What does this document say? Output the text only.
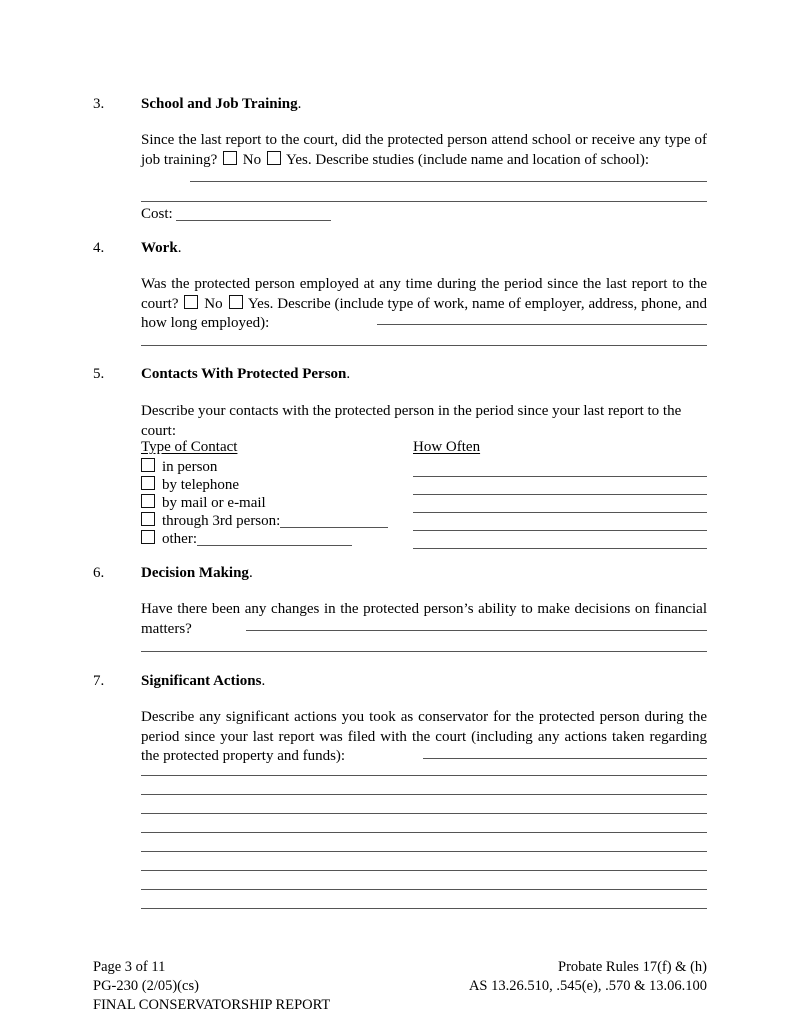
3.	School and Job Training.
Since the last report to the court, did the protected person attend school or receive any type of job training? No Yes. Describe studies (include name and location of school):
Cost:
4.	Work.
Was the protected person employed at any time during the period since the last report to the court? No Yes. Describe (include type of work, name of employer, address, phone, and how long employed):
5.	Contacts With Protected Person.
Describe your contacts with the protected person in the period since your last report to the court:
Type of Contact	How Often
in person
by telephone
by mail or e-mail
through 3rd person:
other:
6.	Decision Making.
Have there been any changes in the protected person’s ability to make decisions on financial matters?
7.	Significant Actions.
Describe any significant actions you took as conservator for the protected person during the period since your last report was filed with the court (including any actions taken regarding the protected property and funds):
Page 3 of 11	Probate Rules 17(f) & (h)
PG-230 (2/05)(cs)	AS 13.26.510, .545(e), .570 & 13.06.100
FINAL CONSERVATORSHIP REPORT
